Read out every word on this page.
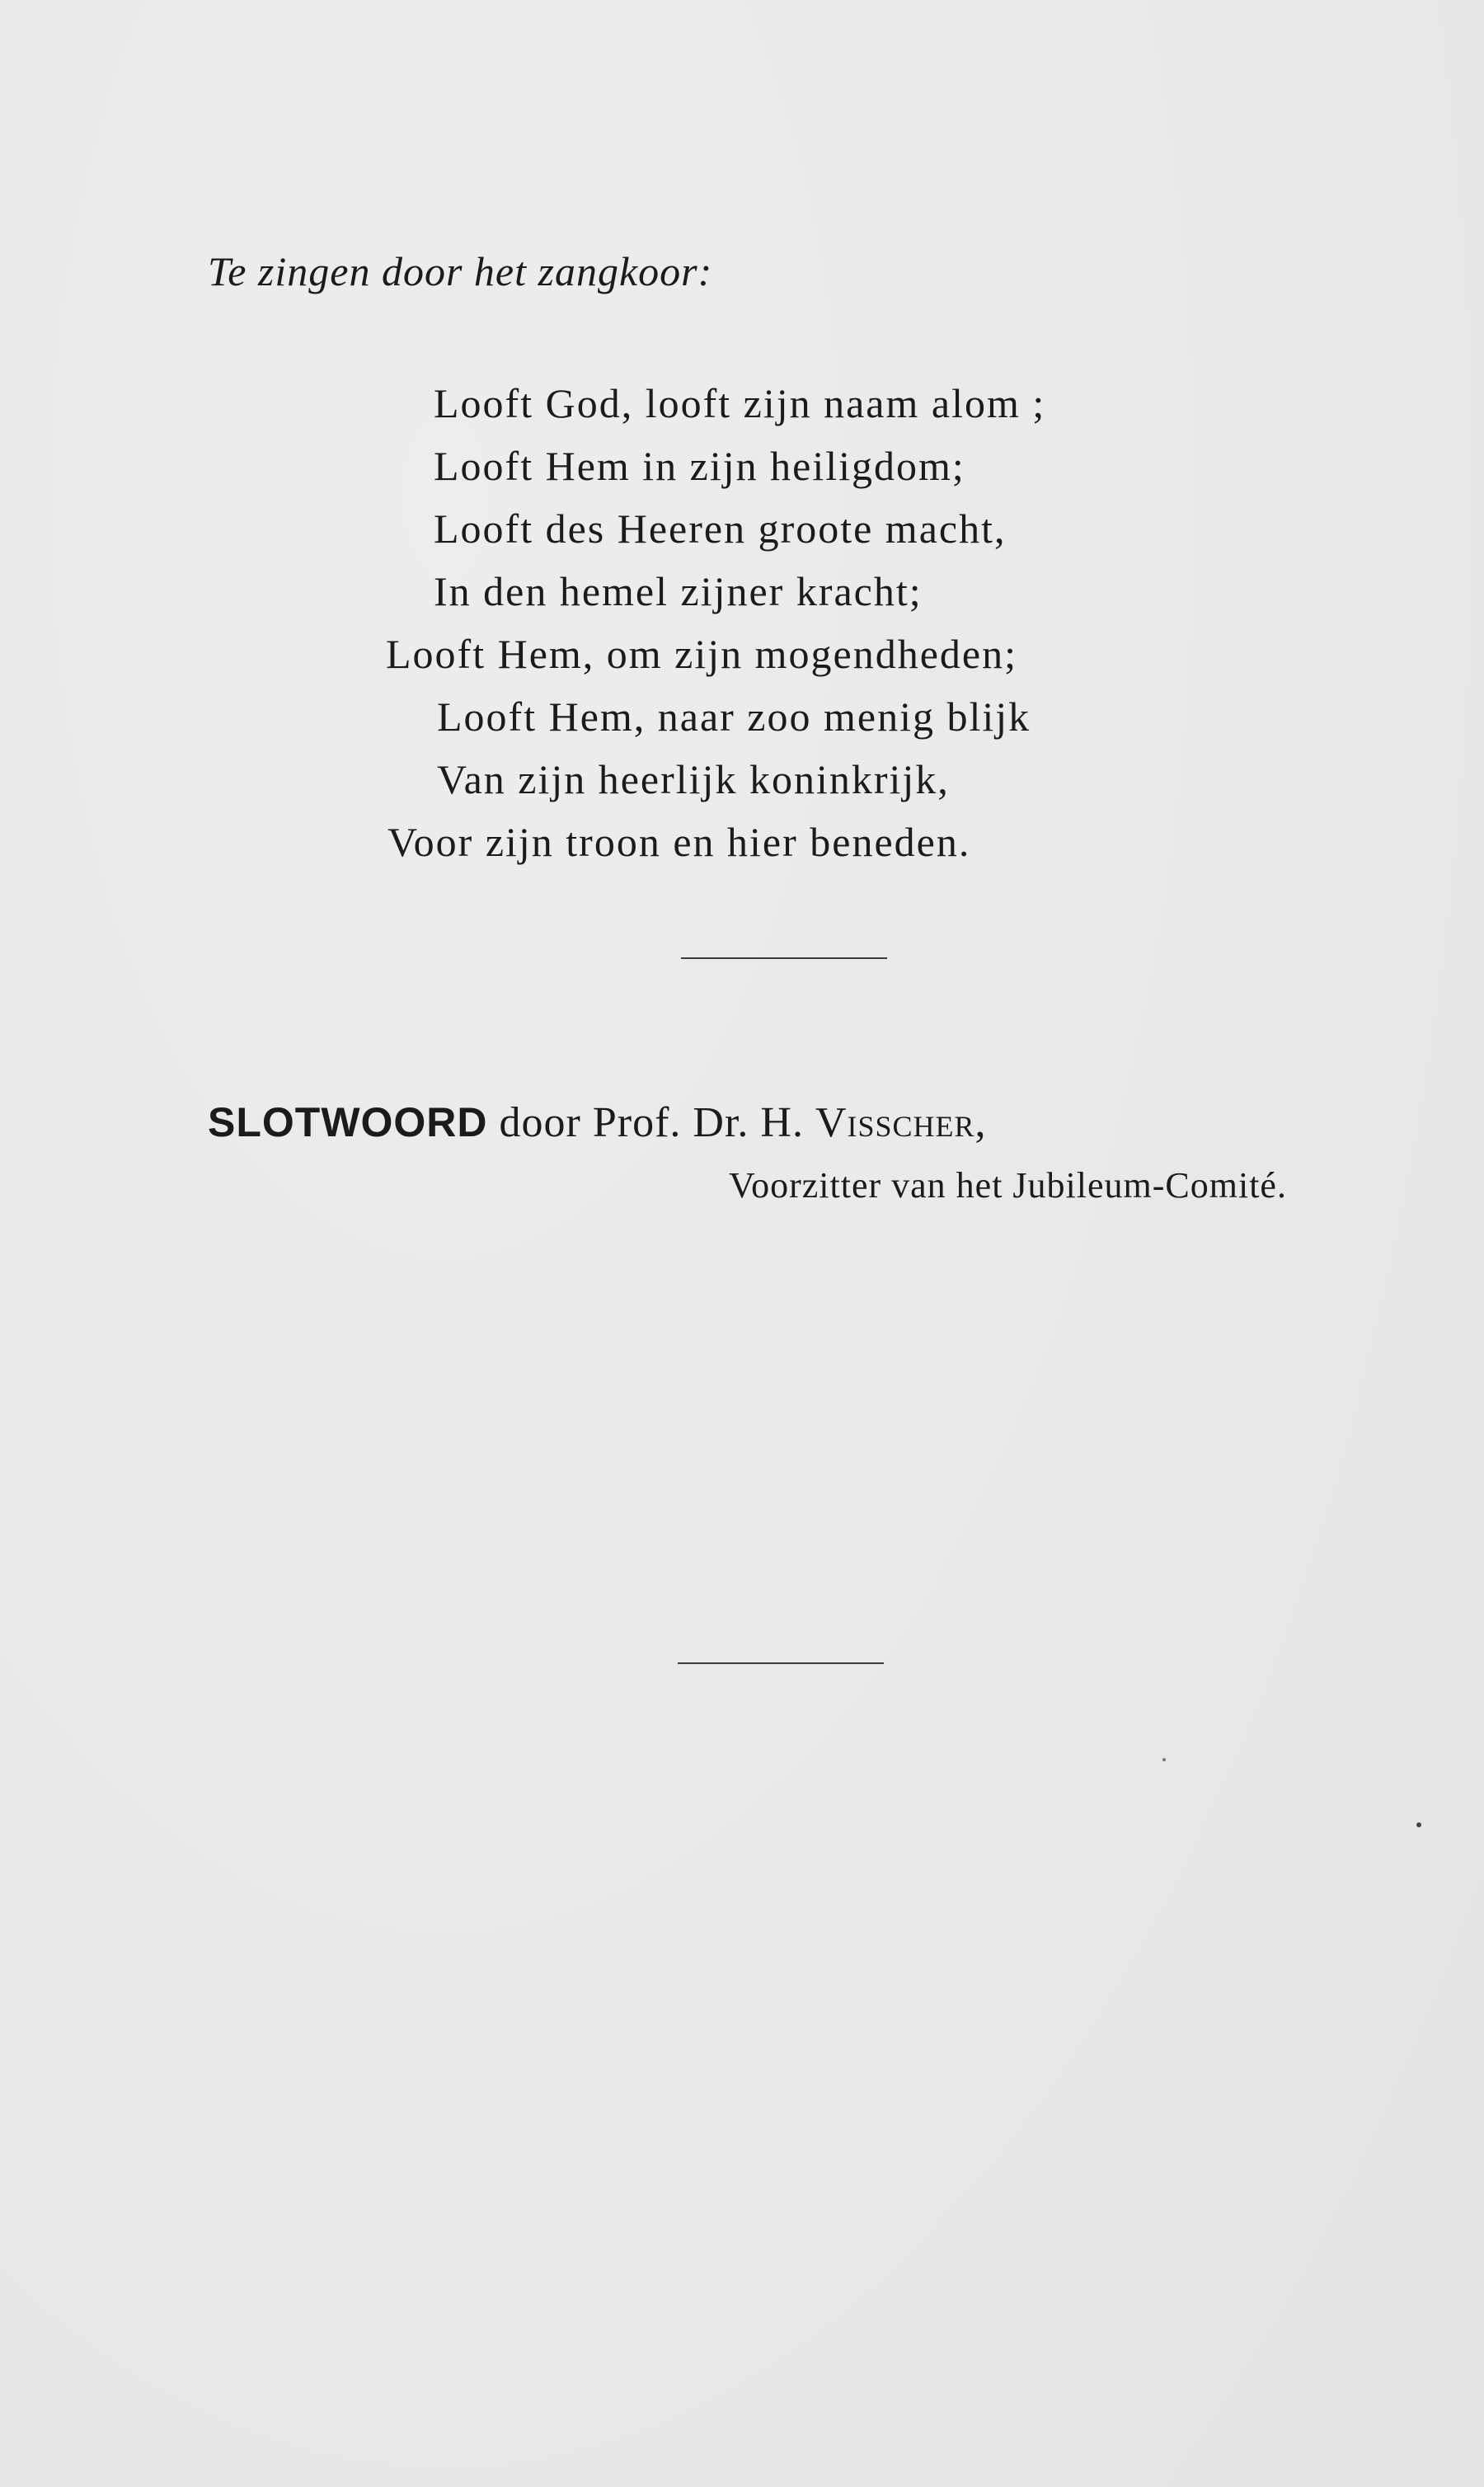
Te zingen door het zangkoor:
Looft God, looft zijn naam alom ;
Looft Hem in zijn heiligdom;
Looft des Heeren groote macht,
In den hemel zijner kracht;
Looft Hem, om zijn mogendheden;
Looft Hem, naar zoo menig blijk
Van zijn heerlijk koninkrijk,
Voor zijn troon en hier beneden.
SLOTWOORD door Prof. Dr. H. Visscher,
Voorzitter van het Jubileum-Comité.
